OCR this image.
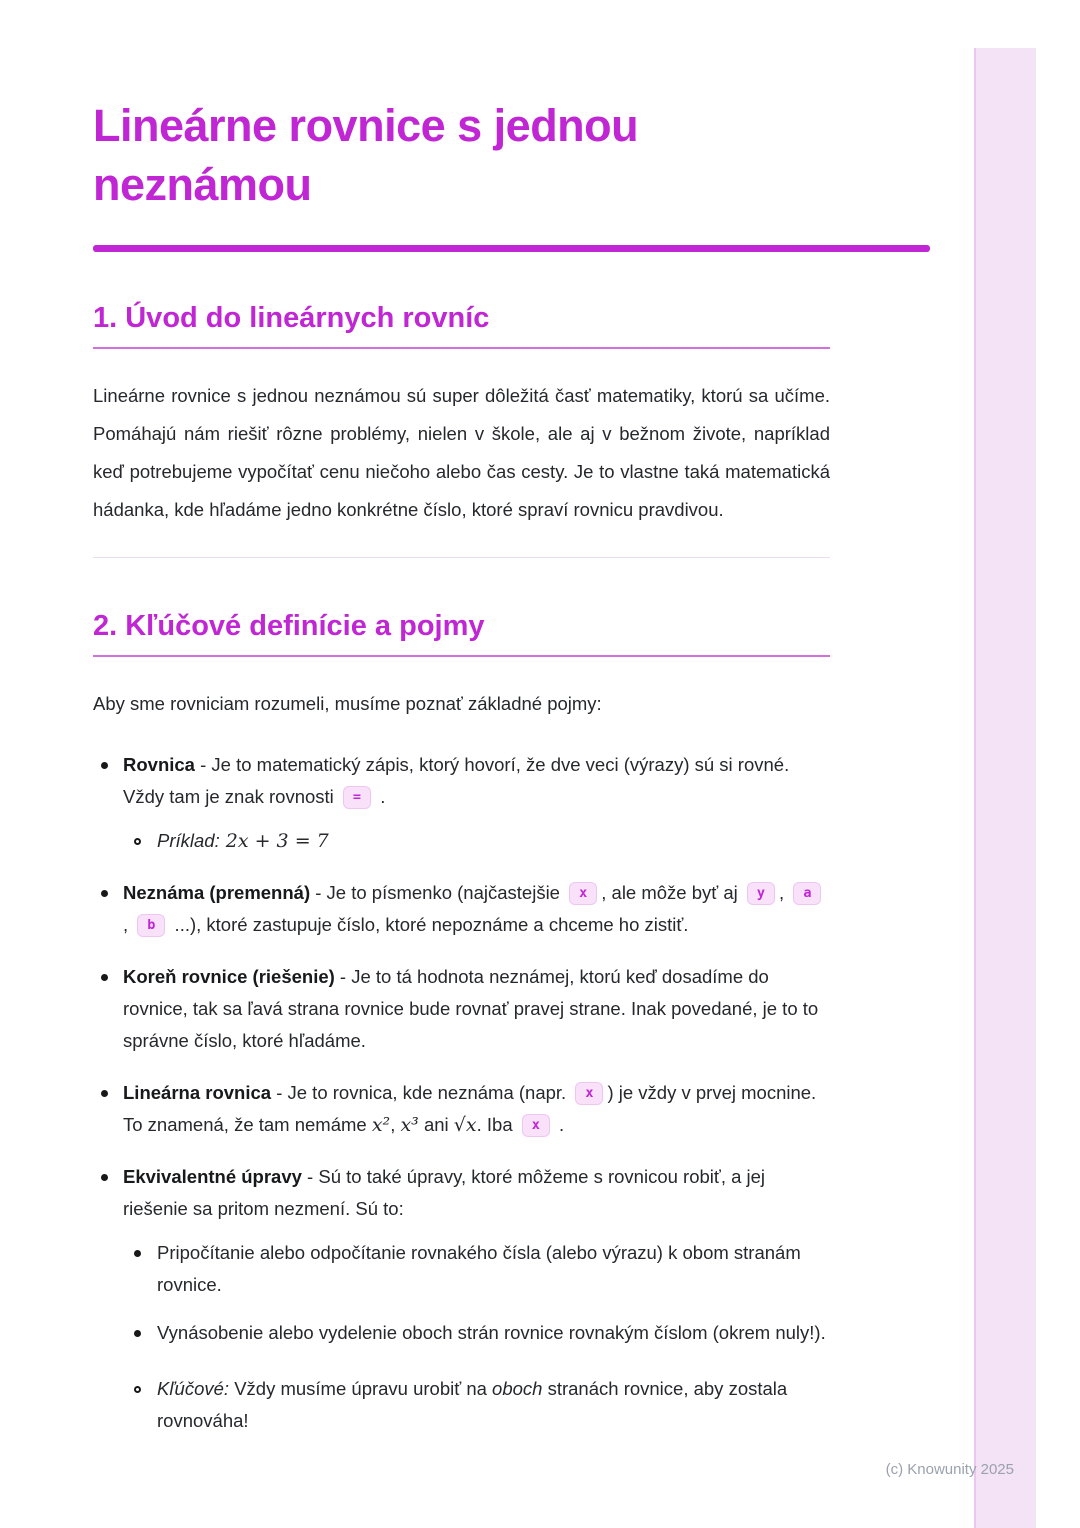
Lineárne rovnice s jednou neznámou
1. Úvod do lineárnych rovníc

Lineárne rovnice s jednou neznámou sú super dôležitá časť matematiky, ktorú sa učíme. Pomáhajú nám riešiť rôzne problémy, nielen v škole, ale aj v bežnom živote, napríklad keď potrebujeme vypočítať cenu niečoho alebo čas cesty. Je to vlastne taká matematická hádanka, kde hľadáme jedno konkrétne číslo, ktoré spraví rovnicu pravdivou.

2. Kľúčové definície a pojmy

Aby sme rovniciam rozumeli, musíme poznať základné pojmy:

Rovnica - Je to matematický zápis, ktorý hovorí, že dve veci (výrazy) sú si rovné. Vždy tam je znak rovnosti = .
Príklad: 2x + 3 = 7
Neznáma (premenná) - Je to písmenko (najčastejšie x , ale môže byť aj y , a, b ...), ktoré zastupuje číslo, ktoré nepoznáme a chceme ho zistiť.
Koreň rovnice (riešenie) - Je to tá hodnota neznámej, ktorú keď dosadíme do rovnice, tak sa ľavá strana rovnice bude rovnať pravej strane. Inak povedané, je to to správne číslo, ktoré hľadáme.
Lineárna rovnica - Je to rovnica, kde neznáma (napr. x ) je vždy v prvej mocnine. To znamená, že tam nemáme x², x³ ani √x. Iba x .
Ekvivalentné úpravy - Sú to také úpravy, ktoré môžeme s rovnicou robiť, a jej riešenie sa pritom nezmení. Sú to:
Pripočítanie alebo odpočítanie rovnakého čísla (alebo výrazu) k obom stranám rovnice.
Vynásobenie alebo vydelenie oboch strán rovnice rovnakým číslom (okrem nuly!).
Kľúčové: Vždy musíme úpravu urobiť na oboch stranách rovnice, aby zostala rovnováha!
(c) Knowunity 2025
